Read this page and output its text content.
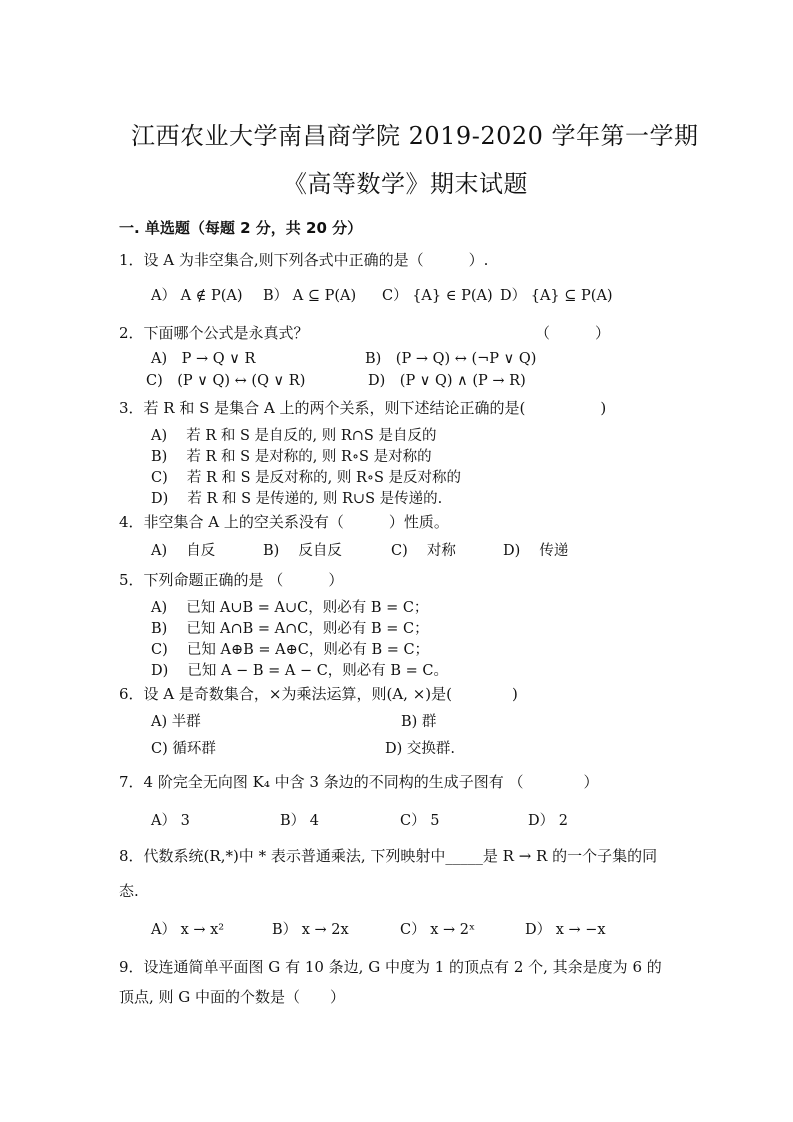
江西农业大学南昌商学院 2019-2020 学年第一学期
《高等数学》期末试题
一. 单选题（每题 2 分，共 20 分）
1．设 A 为非空集合,则下列各式中正确的是（　　　）.
A） A ∉ P(A) B） A ⊆ P(A) C） {A} ∈ P(A) D） {A} ⊆ P(A)
2．下面哪个公式是永真式？	（　　　）
A)　P → Q ∨ R	B)　(P → Q) ↔ (¬P ∨ Q)
C)　(P ∨ Q) ↔ (Q ∨ R)	D)　(P ∨ Q) ∧ (P → R)
3．若 R 和 S 是集合 A 上的两个关系，则下述结论正确的是(　　　　　)
A)　 若 R 和 S 是自反的, 则 R∩S 是自反的
B)　 若 R 和 S 是对称的, 则 R∘S 是对称的
C)　 若 R 和 S 是反对称的, 则 R∘S 是反对称的
D)　 若 R 和 S 是传递的, 则 R∪S 是传递的.
4．非空集合 A 上的空关系没有（　　　）性质。
A)　 自反	B)　 反自反	C)　 对称	D)　 传递
5．下列命题正确的是 （　　　）
A)　 已知 A∪B = A∪C，则必有 B = C；
B)　 已知 A∩B = A∩C，则必有 B = C；
C)　 已知 A⊕B = A⊕C，则必有 B = C；
D)　 已知 A − B = A − C，则必有 B = C。
6．设 A 是奇数集合，×为乘法运算，则(A, ×)是(　　　　)
A) 半群	B) 群
C) 循环群	D) 交换群.
7．4 阶完全无向图 K₄ 中含 3 条边的不同构的生成子图有 （　　　　）
A） 3	B） 4	C） 5	D） 2
8．代数系统(R,*)中 * 表示普通乘法, 下列映射中_____是 R → R 的一个子集的同
态.
A） x → x²	B） x → 2x	C） x → 2ˣ	D） x → −x
9．设连通简单平面图 G 有 10 条边, G 中度为 1 的顶点有 2 个, 其余是度为 6 的
顶点, 则 G 中面的个数是（　　）
